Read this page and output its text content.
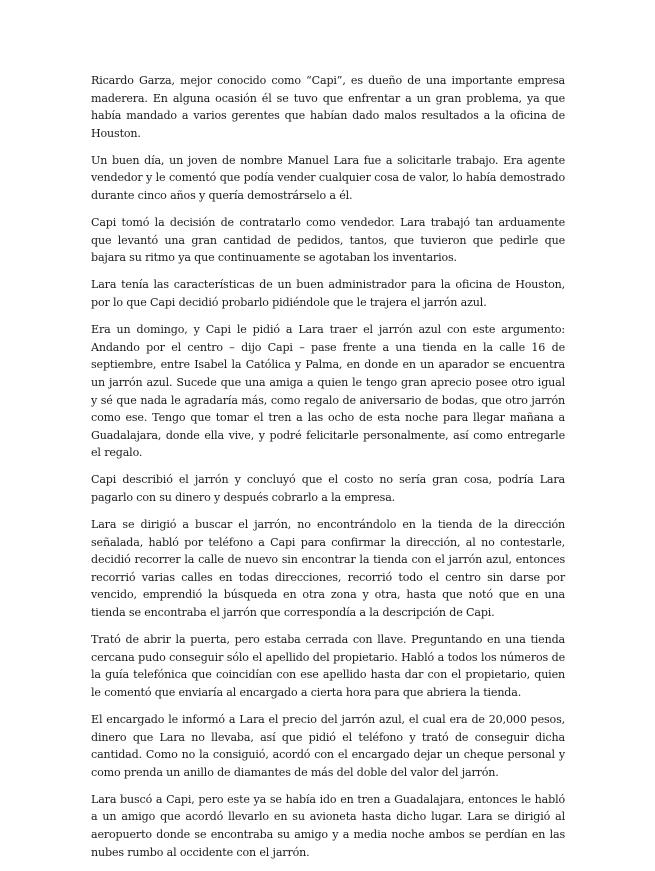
Ricardo Garza, mejor conocido como “Capi”, es dueño de una importante empresa maderera. En alguna ocasión él se tuvo que enfrentar a un gran problema, ya que había mandado a varios gerentes que habían dado malos resultados a la oficina de Houston.

Un buen día, un joven de nombre Manuel Lara fue a solicitarle trabajo. Era agente vendedor y le comentó que podía vender cualquier cosa de valor, lo había demostrado durante cinco años y quería demostrárselo a él.

Capi tomó la decisión de contratarlo como vendedor. Lara trabajó tan arduamente que levantó una gran cantidad de pedidos, tantos, que tuvieron que pedirle que bajara su ritmo ya que continuamente se agotaban los inventarios.

Lara tenía las características de un buen administrador para la oficina de Houston, por lo que Capi decidió probarlo pidiéndole que le trajera el jarrón azul.

Era un domingo, y Capi le pidió a Lara traer el jarrón azul con este argumento: Andando por el centro – dijo Capi – pase frente a una tienda en la calle 16 de septiembre, entre Isabel la Católica y Palma, en donde en un aparador se encuentra un jarrón azul. Sucede que una amiga a quien le tengo gran aprecio posee otro igual y sé que nada le agradaría más, como regalo de aniversario de bodas, que otro jarrón como ese. Tengo que tomar el tren a las ocho de esta noche para llegar mañana a Guadalajara, donde ella vive, y podré felicitarle personalmente, así como entregarle el regalo.

Capi describió el jarrón y concluyó que el costo no sería gran cosa, podría Lara pagarlo con su dinero y después cobrarlo a la empresa.

Lara se dirigió a buscar el jarrón, no encontrándolo en la tienda de la dirección señalada, habló por teléfono a Capi para confirmar la dirección, al no contestarle, decidió recorrer la calle de nuevo sin encontrar la tienda con el jarrón azul, entonces recorrió varias calles en todas direcciones, recorrió todo el centro sin darse por vencido, emprendió la búsqueda en otra zona y otra, hasta que notó que en una tienda se encontraba el jarrón que correspondía a la descripción de Capi.

Trató de abrir la puerta, pero estaba cerrada con llave. Preguntando en una tienda cercana pudo conseguir sólo el apellido del propietario. Habló a todos los números de la guía telefónica que coincidían con ese apellido hasta dar con el propietario, quien le comentó que enviaría al encargado a cierta hora para que abriera la tienda.

El encargado le informó a Lara el precio del jarrón azul, el cual era de 20,000 pesos, dinero que Lara no llevaba, así que pidió el teléfono y trató de conseguir dicha cantidad. Como no la consiguió, acordó con el encargado dejar un cheque personal y como prenda un anillo de diamantes de más del doble del valor del jarrón.

Lara buscó a Capi, pero este ya se había ido en tren a Guadalajara, entonces le habló a un amigo que acordó llevarlo en su avioneta hasta dicho lugar. Lara se dirigió al aeropuerto donde se encontraba su amigo y a media noche ambos se perdían en las nubes rumbo al occidente con el jarrón.
